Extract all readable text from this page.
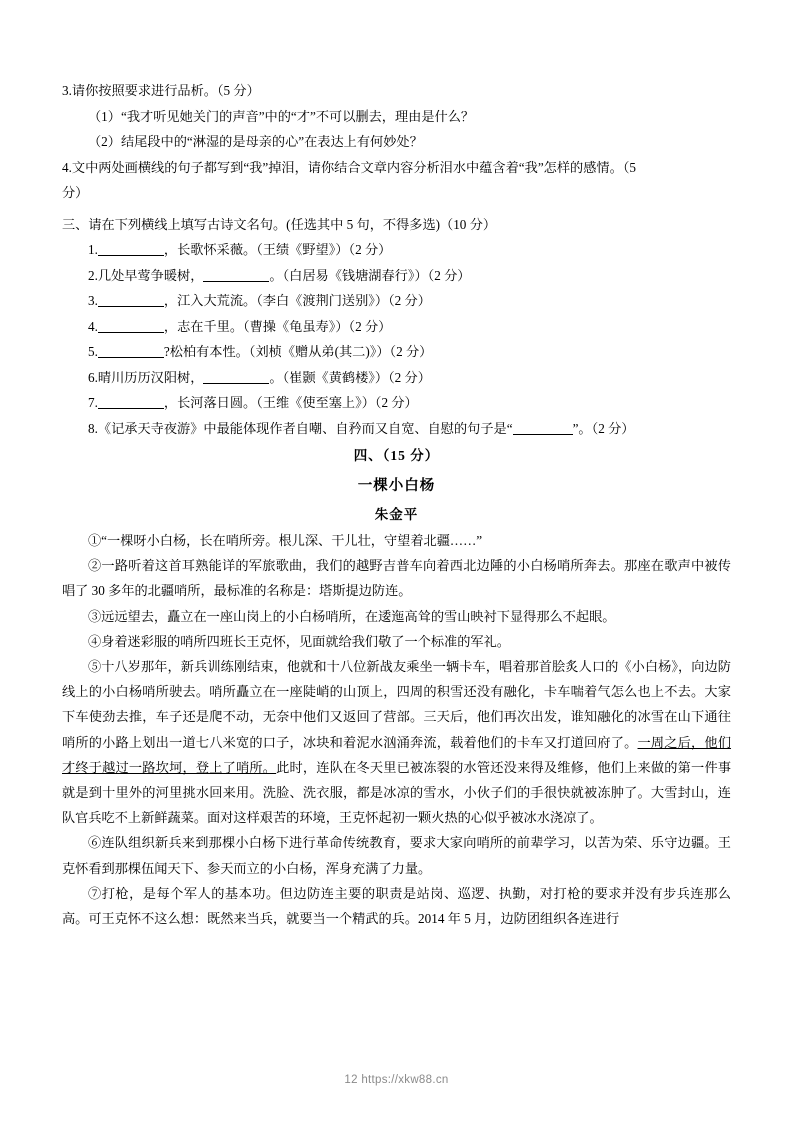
3.请你按照要求进行品析。（5 分）

（1）“我才听见她关门的声音”中的“才”不可以删去，理由是什么？

（2）结尾段中的“淋湿的是母亲的心”在表达上有何妙处？

4.文中两处画横线的句子都写到“我”掉泪，请你结合文章内容分析泪水中蕴含着“我”怎样的感情。（5

分）

三、请在下列横线上填写古诗文名句。(任选其中 5 句，不得多选)（10 分）

1.	，长歌怀采薇。（王绩《野望》）（2 分）

2.几处早莺争暖树，	。（白居易《钱塘湖春行》）（2 分）

3.	，江入大荒流。（李白《渡荆门送别》）（2 分）

4.	，志在千里。（曹操《龟虽寿》）（2 分）

5.	?松柏有本性。（刘桢《赠从弟(其二)》）（2 分）

6.晴川历历汉阳树，	。（崔颢《黄鹤楼》）（2 分）

7.	，长河落日圆。（王维《使至塞上》）（2 分）

8.《记承天寺夜游》中最能体现作者自嘲、自矜而又自宽、自慰的句子是“	”。（2 分）

四、（15 分）

一棵小白杨

朱金平

①“一棵呀小白杨，长在哨所旁。根儿深、干儿壮，守望着北疆……”

②一路听着这首耳熟能详的军旅歌曲，我们的越野吉普车向着西北边陲的小白杨哨所奔去。那座在歌声中被传唱了 30 多年的北疆哨所，最标准的名称是：塔斯提边防连。

③远远望去，矗立在一座山岗上的小白杨哨所，在逶迤高耸的雪山映衬下显得那么不起眼。

④身着迷彩服的哨所四班长王克怀，见面就给我们敬了一个标准的军礼。

⑤十八岁那年，新兵训练刚结束，他就和十八位新战友乘坐一辆卡车，唱着那首脍炙人口的《小白杨》，向边防线上的小白杨哨所驶去。哨所矗立在一座陡峭的山顶上，四周的积雪还没有融化，卡车喘着气怎么也上不去。大家下车使劲去推，车子还是爬不动，无奈中他们又返回了营部。三天后，他们再次出发，谁知融化的冰雪在山下通往哨所的小路上划出一道七八米宽的口子，冰块和着泥水汹涌奔流，载着他们的卡车又打道回府了。一周之后，他们才终于越过一路坎坷，登上了哨所。此时，连队在冬天里已被冻裂的水管还没来得及维修，他们上来做的第一件事就是到十里外的河里挑水回来用。洗脸、洗衣服，都是冰凉的雪水，小伙子们的手很快就被冻肿了。大雪封山，连队官兵吃不上新鲜蔬菜。面对这样艰苦的环境，王克怀起初一颗火热的心似乎被冰水浇凉了。

⑥连队组织新兵来到那棵小白杨下进行革命传统教育，要求大家向哨所的前辈学习，以苦为荣、乐守边疆。王克怀看到那棵伍闻天下、参天而立的小白杨，浑身充满了力量。

⑦打枪，是每个军人的基本功。但边防连主要的职责是站岗、巡逻、执勤，对打枪的要求并没有步兵连那么高。可王克怀不这么想：既然来当兵，就要当一个精武的兵。2014 年 5 月，边防团组织各连进行

12 https://xkw88.cn
